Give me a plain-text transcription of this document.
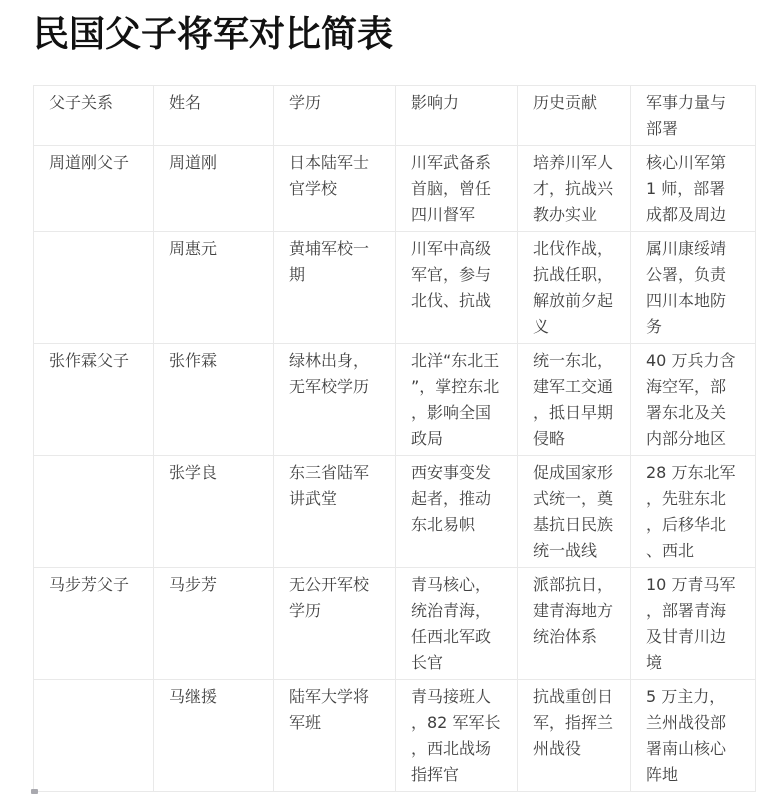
民国父子将军对比简表
父子关系	姓名	学历	影响力	历史贡献	军事力量与部署
周道刚父子	周道刚	日本陆军士官学校	川军武备系首脑，曾任四川督军	培养川军人才，抗战兴教办实业	核心川军第 1 师，部署成都及周边
	周惠元	黄埔军校一期	川军中高级军官，参与北伐、抗战	北伐作战，抗战任职，解放前夕起义	属川康绥靖公署，负责四川本地防务
张作霖父子	张作霖	绿林出身，无军校学历	北洋“东北王”，掌控东北，影响全国政局	统一东北，建军工交通，抵日早期侵略	40 万兵力含海空军，部署东北及关内部分地区
	张学良	东三省陆军讲武堂	西安事变发起者，推动东北易帜	促成国家形式统一，奠基抗日民族统一战线	28 万东北军，先驻东北，后移华北、西北
马步芳父子	马步芳	无公开军校学历	青马核心，统治青海，任西北军政长官	派部抗日，建青海地方统治体系	10 万青马军，部署青海及甘青川边境
	马继援	陆军大学将军班	青马接班人，82 军军长，西北战场指挥官	抗战重创日军，指挥兰州战役	5 万主力，兰州战役部署南山核心阵地
